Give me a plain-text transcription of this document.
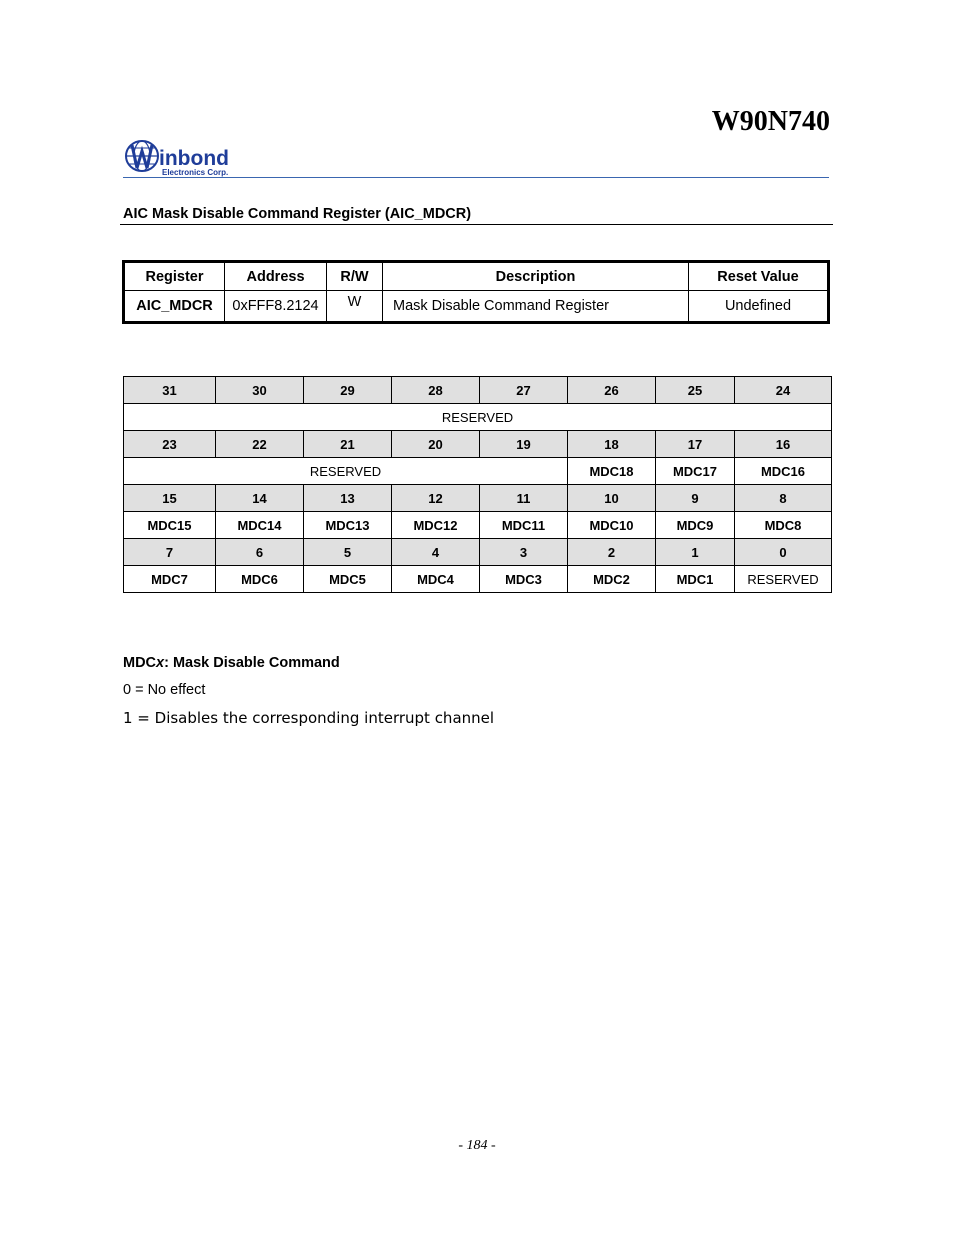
W90N740
inbond
Electronics Corp.
AIC Mask Disable Command Register (AIC_MDCR)
Register	Address	R/W	Description	Reset Value
AIC_MDCR	0xFFF8.2124	W	Mask Disable Command Register	Undefined
31	30	29	28	27	26	25	24
RESERVED							
23	22	21	20	19	18	17	16
RESERVED					MDC18	MDC17	MDC16
15	14	13	12	11	10	9	8
MDC15	MDC14	MDC13	MDC12	MDC11	MDC10	MDC9	MDC8
7	6	5	4	3	2	1	0
MDC7	MDC6	MDC5	MDC4	MDC3	MDC2	MDC1	RESERVED
MDCx: Mask Disable Command
0 = No effect
1 = Disables the corresponding interrupt channel
- 184 -
